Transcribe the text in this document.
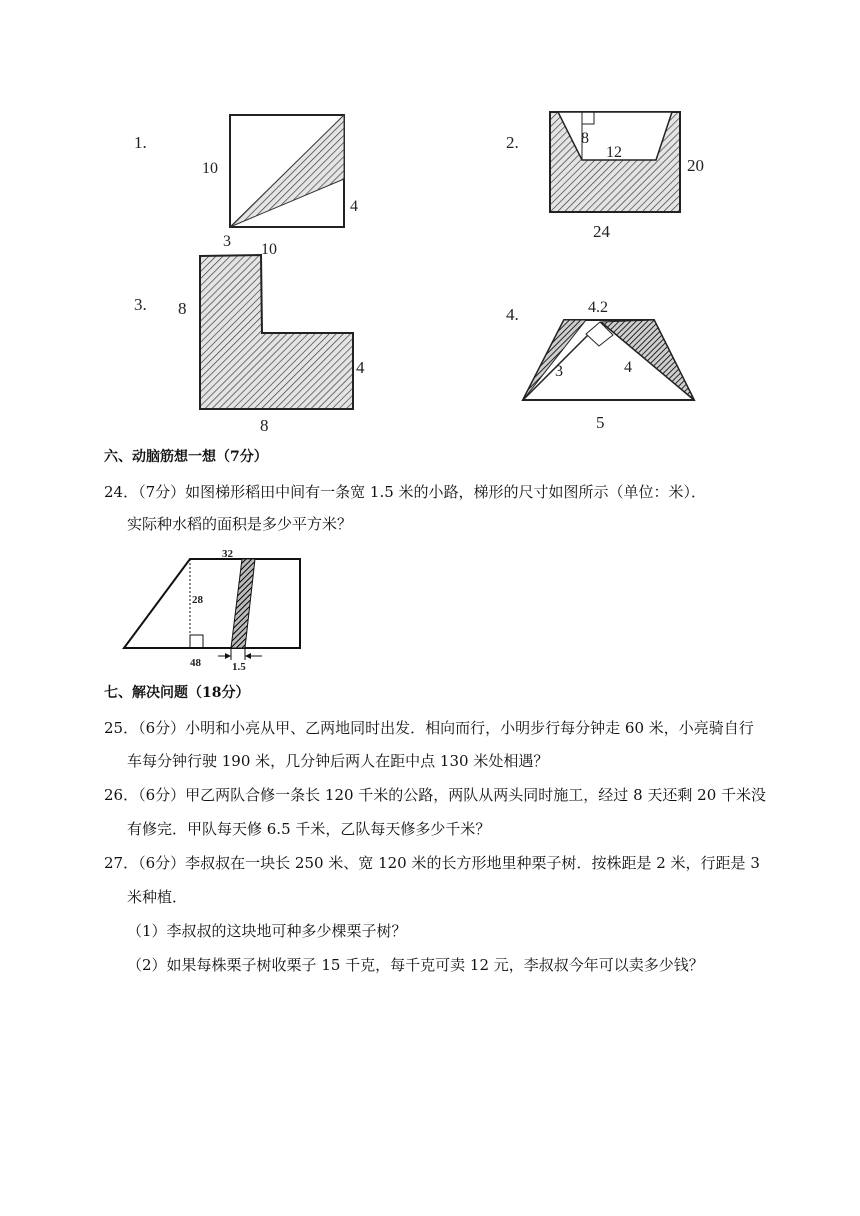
1.
10
4
3 10
2.	8
12
20
24
3. 8
4
8
4.	4.2
3	4
5
六、动脑筋想一想（7分）
24．（7分）如图梯形稻田中间有一条宽 1.5 米的小路，梯形的尺寸如图所示（单位：米）．
实际种水稻的面积是多少平方米？
32
28
48	1.5
七、解决问题（18分）
25．（6分）小明和小亮从甲、乙两地同时出发．相向而行，小明步行每分钟走 60 米，小亮骑自行
车每分钟行驶 190 米，几分钟后两人在距中点 130 米处相遇？
26．（6分）甲乙两队合修一条长 120 千米的公路，两队从两头同时施工，经过 8 天还剩 20 千米没
有修完．甲队每天修 6.5 千米，乙队每天修多少千米？
27．（6分）李叔叔在一块长 250 米、宽 120 米的长方形地里种栗子树．按株距是 2 米，行距是 3
米种植．
（1）李叔叔的这块地可种多少棵栗子树？
（2）如果每株栗子树收栗子 15 千克，每千克可卖 12 元，李叔叔今年可以卖多少钱？
